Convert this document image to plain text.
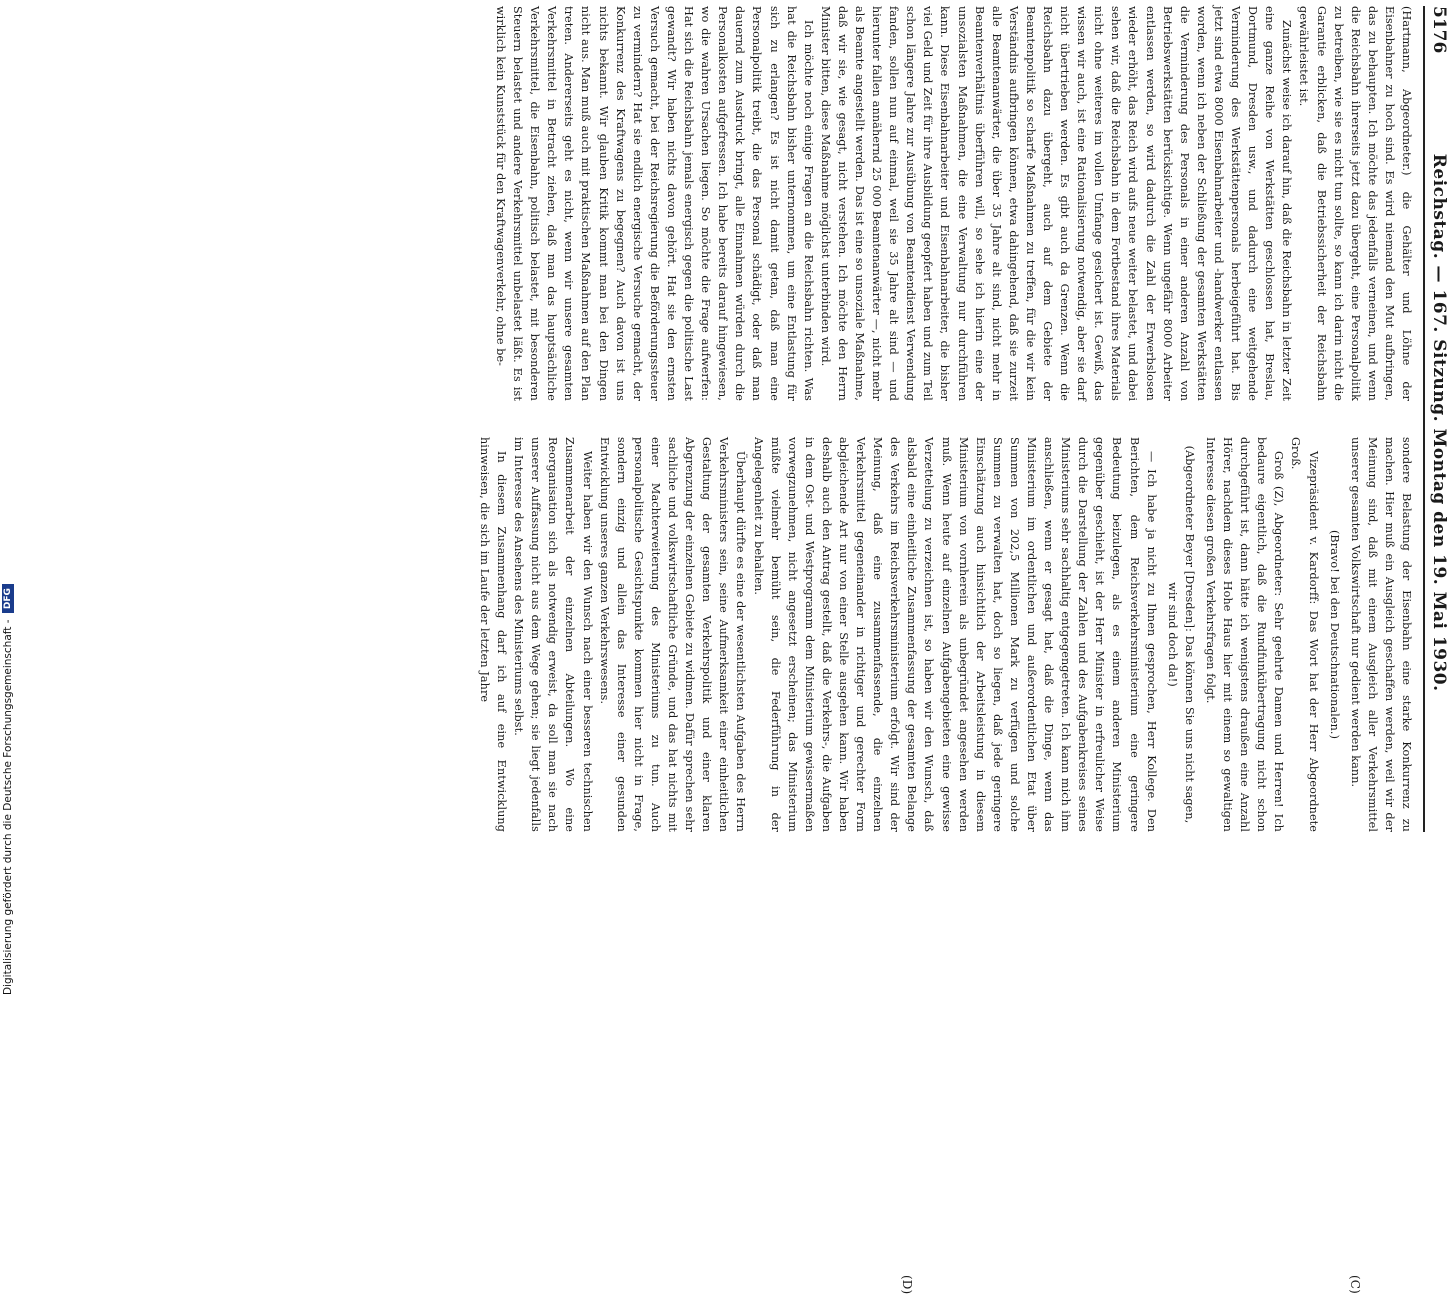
Digitalisierung gefördert durch die Deutsche Forschungsgemeinschaft - DFG
5176
Reichstag. — 167. Sitzung. Montag den 19. Mai 1930.

(Hartmann, Abgeordneter.) die Gehälter und Löhne der Eisenbahner zu hoch sind. Es wird niemand den Mut aufbringen, das zu behaupten. Ich möchte das jedenfalls verneinen, und wenn die Reichsbahn ihrerseits jetzt dazu übergeht, eine Personalpolitik zu betreiben, wie sie es nicht tun sollte, so kann ich darin nicht die Garantie erblicken, daß die Betriebssicherheit der Reichsbahn gewährleistet ist.

Zunächst weise ich darauf hin, daß die Reichsbahn in letzter Zeit eine ganze Reihe von Werkstätten geschlossen hat, Breslau, Dortmund, Dresden usw., und dadurch eine weitgehende Verminderung des Werkstättenpersonals herbeigeführt hat. Bis jetzt sind etwa 8000 Eisenbahnarbeiter und -handwerker entlassen worden, wenn ich neben der Schließung der gesamten Werkstätten die Verminderung des Personals in einer anderen Anzahl von Betriebswerkstätten berücksichtige. Wenn ungefähr 8000 Arbeiter entlassen werden, so wird dadurch die Zahl der Erwerbslosen wieder erhöht, das Reich wird aufs neue weiter belastet, und dabei sehen wir, daß die Reichsbahn in dem Fortbestand ihres Materials nicht ohne weiteres im vollen Umfange gesichert ist. Gewiß, das wissen wir auch, ist eine Rationalisierung notwendig, aber sie darf nicht übertrieben werden. Es gibt auch da Grenzen. Wenn die Reichsbahn dazu übergeht, auch auf dem Gebiete der Beamtenpolitik so scharfe Maßnahmen zu treffen, für die wir kein Verständnis aufbringen können, etwa dahingehend, daß sie zurzeit alle Beamtenanwärter, die über 35 Jahre alt sind, nicht mehr in Beamtenverhältnis überführen will, so sehe ich hierin eine der unsozialsten Maßnahmen, die eine Verwaltung nur durchführen kann. Diese Eisenbahnarbeiter und Eisenbahnarbeiter, die bisher viel Geld und Zeit für ihre Ausbildung geopfert haben und zum Teil schon längere Jahre zur Ausübung von Beamtendienst Verwendung fanden, sollen nun auf einmal, weil sie 35 Jahre alt sind — und hierunter fallen annähernd 25 000 Beamtenanwärter —, nicht mehr als Beamte angestellt werden. Das ist eine so unsoziale Maßnahme, daß wir sie, wie gesagt, nicht verstehen. Ich möchte den Herrn Minister bitten, diese Maßnahme möglichst unterbinden wird.

Ich möchte noch einige Fragen an die Reichsbahn richten. Was hat die Reichsbahn bisher unternommen, um eine Entlastung für sich zu erlangen? Es ist nicht damit getan, daß man eine Personalpolitik treibt, die das Personal schädigt, oder daß man dauernd zum Ausdruck bringt, alle Einnahmen würden durch die Personalkosten aufgefressen. Ich habe bereits darauf hingewiesen, wo die wahren Ursachen liegen. So möchte die Frage aufwerfen: Hat sich die Reichsbahn jemals energisch gegen die politische Last gewandt? Wir haben nichts davon gehört. Hat sie den ernsten Versuch gemacht, bei der Reichsregierung die Beförderungssteuer zu vermindern? Hat sie endlich energische Versuche gemacht, der Konkurrenz des Kraftwagens zu begegnen? Auch davon ist uns nichts bekannt. Wir glauben Kritik kommt man bei den Dingen nicht aus. Man muß auch mit praktischen Maßnahmen auf den Plan treten. Andererseits geht es nicht, wenn wir unsere gesamten Verkehrsmittel in Betracht ziehen, daß man das hauptsächliche Verkehrsmittel, die Eisenbahn, politisch belastet, mit besonderen Steuern belastet und andere Verkehrsmittel unbelastet läßt. Es ist wirklich kein Kunststück für den Kraftwagenverkehr, ohne be-

(C)
(D)

sondere Belastung der Eisenbahn eine starke Konkurrenz zu machen. Hier muß ein Ausgleich geschaffen werden, weil wir der Meinung sind, daß mit einem Ausgleich aller Verkehrsmittel unserer gesamten Volkswirtschaft nur gedient werden kann.

(Bravo! bei den Deutschnationalen.)

Vizepräsident v. Kardorff: Das Wort hat der Herr Abgeordnete Groß.

Groß (Z), Abgeordneter: Sehr geehrte Damen und Herren! Ich bedaure eigentlich, daß die Rundfunkübertragung nicht schon durchgeführt ist, dann hätte ich wenigstens draußen eine Anzahl Hörer, nachdem dieses Hohe Haus hier mit einem so gewaltigen Interesse diesen großen Verkehrsfragen folgt.

(Abgeordneter Beyer [Dresden]: Das können Sie uns nicht sagen, wir sind doch da!)

— Ich habe ja nicht zu Ihnen gesprochen, Herr Kollege. Den Berichten, dem Reichsverkehrsministerium eine geringere Bedeutung beizulegen, als es einem anderen Ministerium gegenüber geschieht, ist der Herr Minister in erfreulicher Weise durch die Darstellung der Zahlen und des Aufgabenkreises seines Ministeriums sehr sachhaltig entgegengetreten. Ich kann mich ihm anschließen, wenn er gesagt hat, daß die Dinge, wenn das Ministerium im ordentlichen und außerordentlichen Etat über Summen von 202,5 Millionen Mark zu verfügen und solche Summen zu verwalten hat, doch so liegen, daß jede geringere Einschätzung auch hinsichtlich der Arbeitsleistung in diesem Ministerium von vornherein als unbegründet angesehen werden muß. Wenn heute auf einzelnen Aufgabengebieten eine gewisse Verzettelung zu verzeichnen ist, so haben wir den Wunsch, daß alsbald eine einheitliche Zusammenfassung der gesamten Belange des Verkehrs im Reichsverkehrsministerium erfolgt. Wir sind der Meinung, daß eine zusammenfassende, die einzelnen Verkehrsmittel gegeneinander in richtiger und gerechter Form abgleichende Art nur von einer Stelle ausgehen kann. Wir haben deshalb auch den Antrag gestellt, daß die Verkehrs-, die Aufgaben in dem Ost- und Westprogramm dem Ministerium gewissermaßen vorwegzunehmen, nicht angesetzt erscheinen; das Ministerium müßte vielmehr bemüht sein, die Federführung in der Angelegenheit zu behalten.

Überhaupt dürfte es eine der wesentlichsten Aufgaben des Herrn Verkehrsministers sein, seine Aufmerksamkeit einer einheitlichen Gestaltung der gesamten Verkehrspolitik und einer klaren Abgrenzung der einzelnen Gebiete zu widmen. Dafür sprechen sehr sachliche und volkswirtschaftliche Gründe, und das hat nichts mit einer Machterweiterung des Ministeriums zu tun. Auch personalpolitische Gesichtspunkte kommen hier nicht in Frage, sondern einzig und allein das Interesse einer gesunden Entwicklung unseres ganzen Verkehrswesens.

Weiter haben wir den Wunsch nach einer besseren technischen Zusammenarbeit der einzelnen Abteilungen. Wo eine Reorganisation sich als notwendig erweist, da soll man sie nach unserer Auffassung nicht aus dem Wege gehen; sie liegt jedenfalls im Interesse des Ansehens des Ministeriums selbst.

In diesem Zusammenhang darf ich auf eine Entwicklung hinweisen, die sich im Laufe der letzten Jahre
